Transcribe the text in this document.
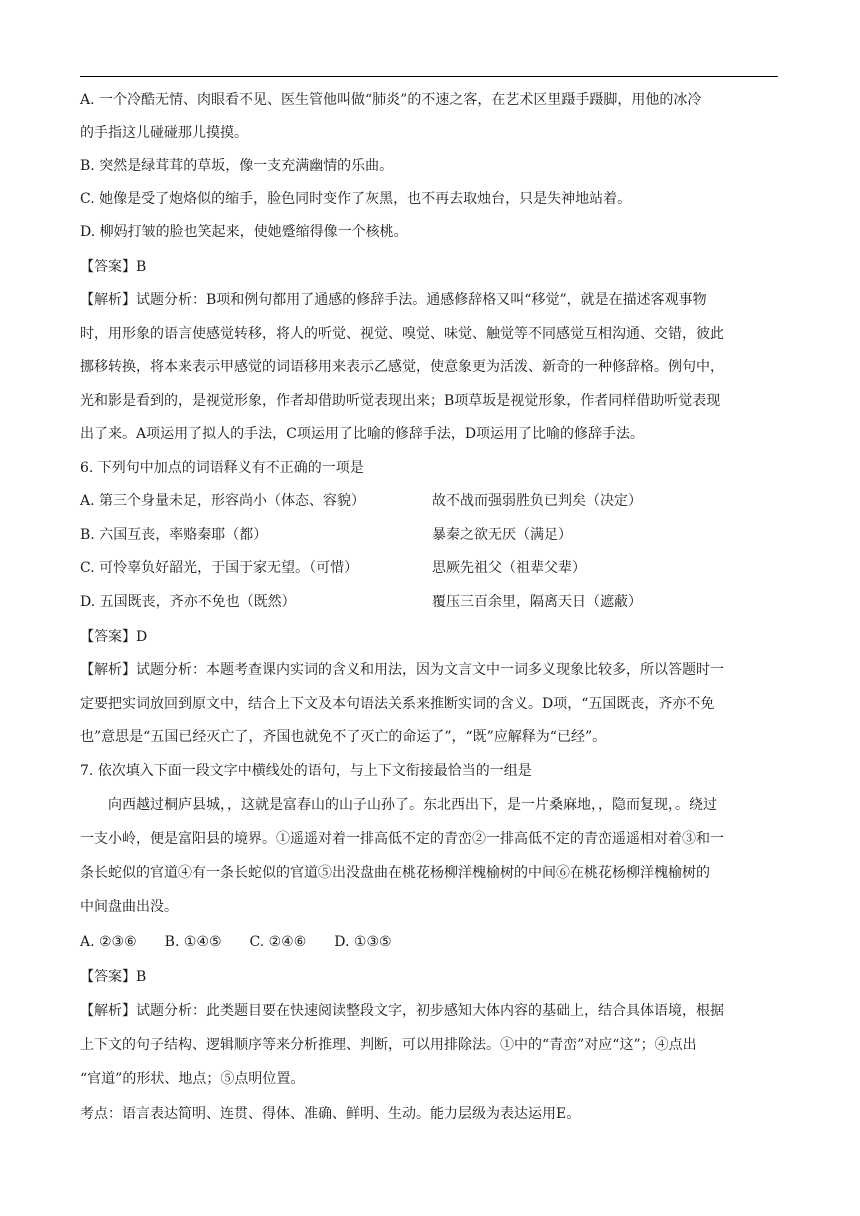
A. 一个冷酷无情、肉眼看不见、医生管他叫做“肺炎”的不速之客，在艺术区里蹑手蹑脚，用他的冰冷
的手指这儿碰碰那儿摸摸。
B. 突然是绿茸茸的草坂，像一支充满幽情的乐曲。
C. 她像是受了炮烙似的缩手，脸色同时变作了灰黑，也不再去取烛台，只是失神地站着。
D. 柳妈打皱的脸也笑起来，使她蹙缩得像一个核桃。
【答案】B
【解析】试题分析：B项和例句都用了通感的修辞手法。通感修辞格又叫“移觉”，就是在描述客观事物
时，用形象的语言使感觉转移，将人的听觉、视觉、嗅觉、味觉、触觉等不同感觉互相沟通、交错，彼此
挪移转换，将本来表示甲感觉的词语移用来表示乙感觉，使意象更为活泼、新奇的一种修辞格。例句中，
光和影是看到的，是视觉形象，作者却借助听觉表现出来；B项草坂是视觉形象，作者同样借助听觉表现
出了来。A项运用了拟人的手法，C项运用了比喻的修辞手法，D项运用了比喻的修辞手法。
6. 下列句中加点的词语释义有不正确的一项是
A. 第三个身量未足，形容尚小（体态、容貌）	故不战而强弱胜负已判矣（决定）
B. 六国互丧，率赂秦耶（都）	暴秦之欲无厌（满足）
C. 可怜辜负好韶光，于国于家无望。（可惜）	思厥先祖父（祖辈父辈）
D. 五国既丧，齐亦不免也（既然）	覆压三百余里，隔离天日（遮蔽）
【答案】D
【解析】试题分析：本题考查课内实词的含义和用法，因为文言文中一词多义现象比较多，所以答题时一
定要把实词放回到原文中，结合上下文及本句语法关系来推断实词的含义。D项，“五国既丧，齐亦不免
也”意思是“五国已经灭亡了，齐国也就免不了灭亡的命运了”，“既”应解释为“已经”。
7. 依次填入下面一段文字中横线处的语句，与上下文衔接最恰当的一组是
向西越过桐庐县城，，这就是富春山的山子山孙了。东北西出下，是一片桑麻地，，隐而复现，。绕过
一支小岭，便是富阳县的境界。①遥遥对着一排高低不定的青峦②一排高低不定的青峦遥遥相对着③和一
条长蛇似的官道④有一条长蛇似的官道⑤出没盘曲在桃花杨柳洋槐榆树的中间⑥在桃花杨柳洋槐榆树的
中间盘曲出没。
A. ②③⑥　　B. ①④⑤　　C. ②④⑥　　D. ①③⑤
【答案】B
【解析】试题分析：此类题目要在快速阅读整段文字，初步感知大体内容的基础上，结合具体语境，根据
上下文的句子结构、逻辑顺序等来分析推理、判断，可以用排除法。①中的“青峦”对应“这”；④点出
“官道”的形状、地点；⑤点明位置。
考点：语言表达简明、连贯、得体、准确、鲜明、生动。能力层级为表达运用E。
